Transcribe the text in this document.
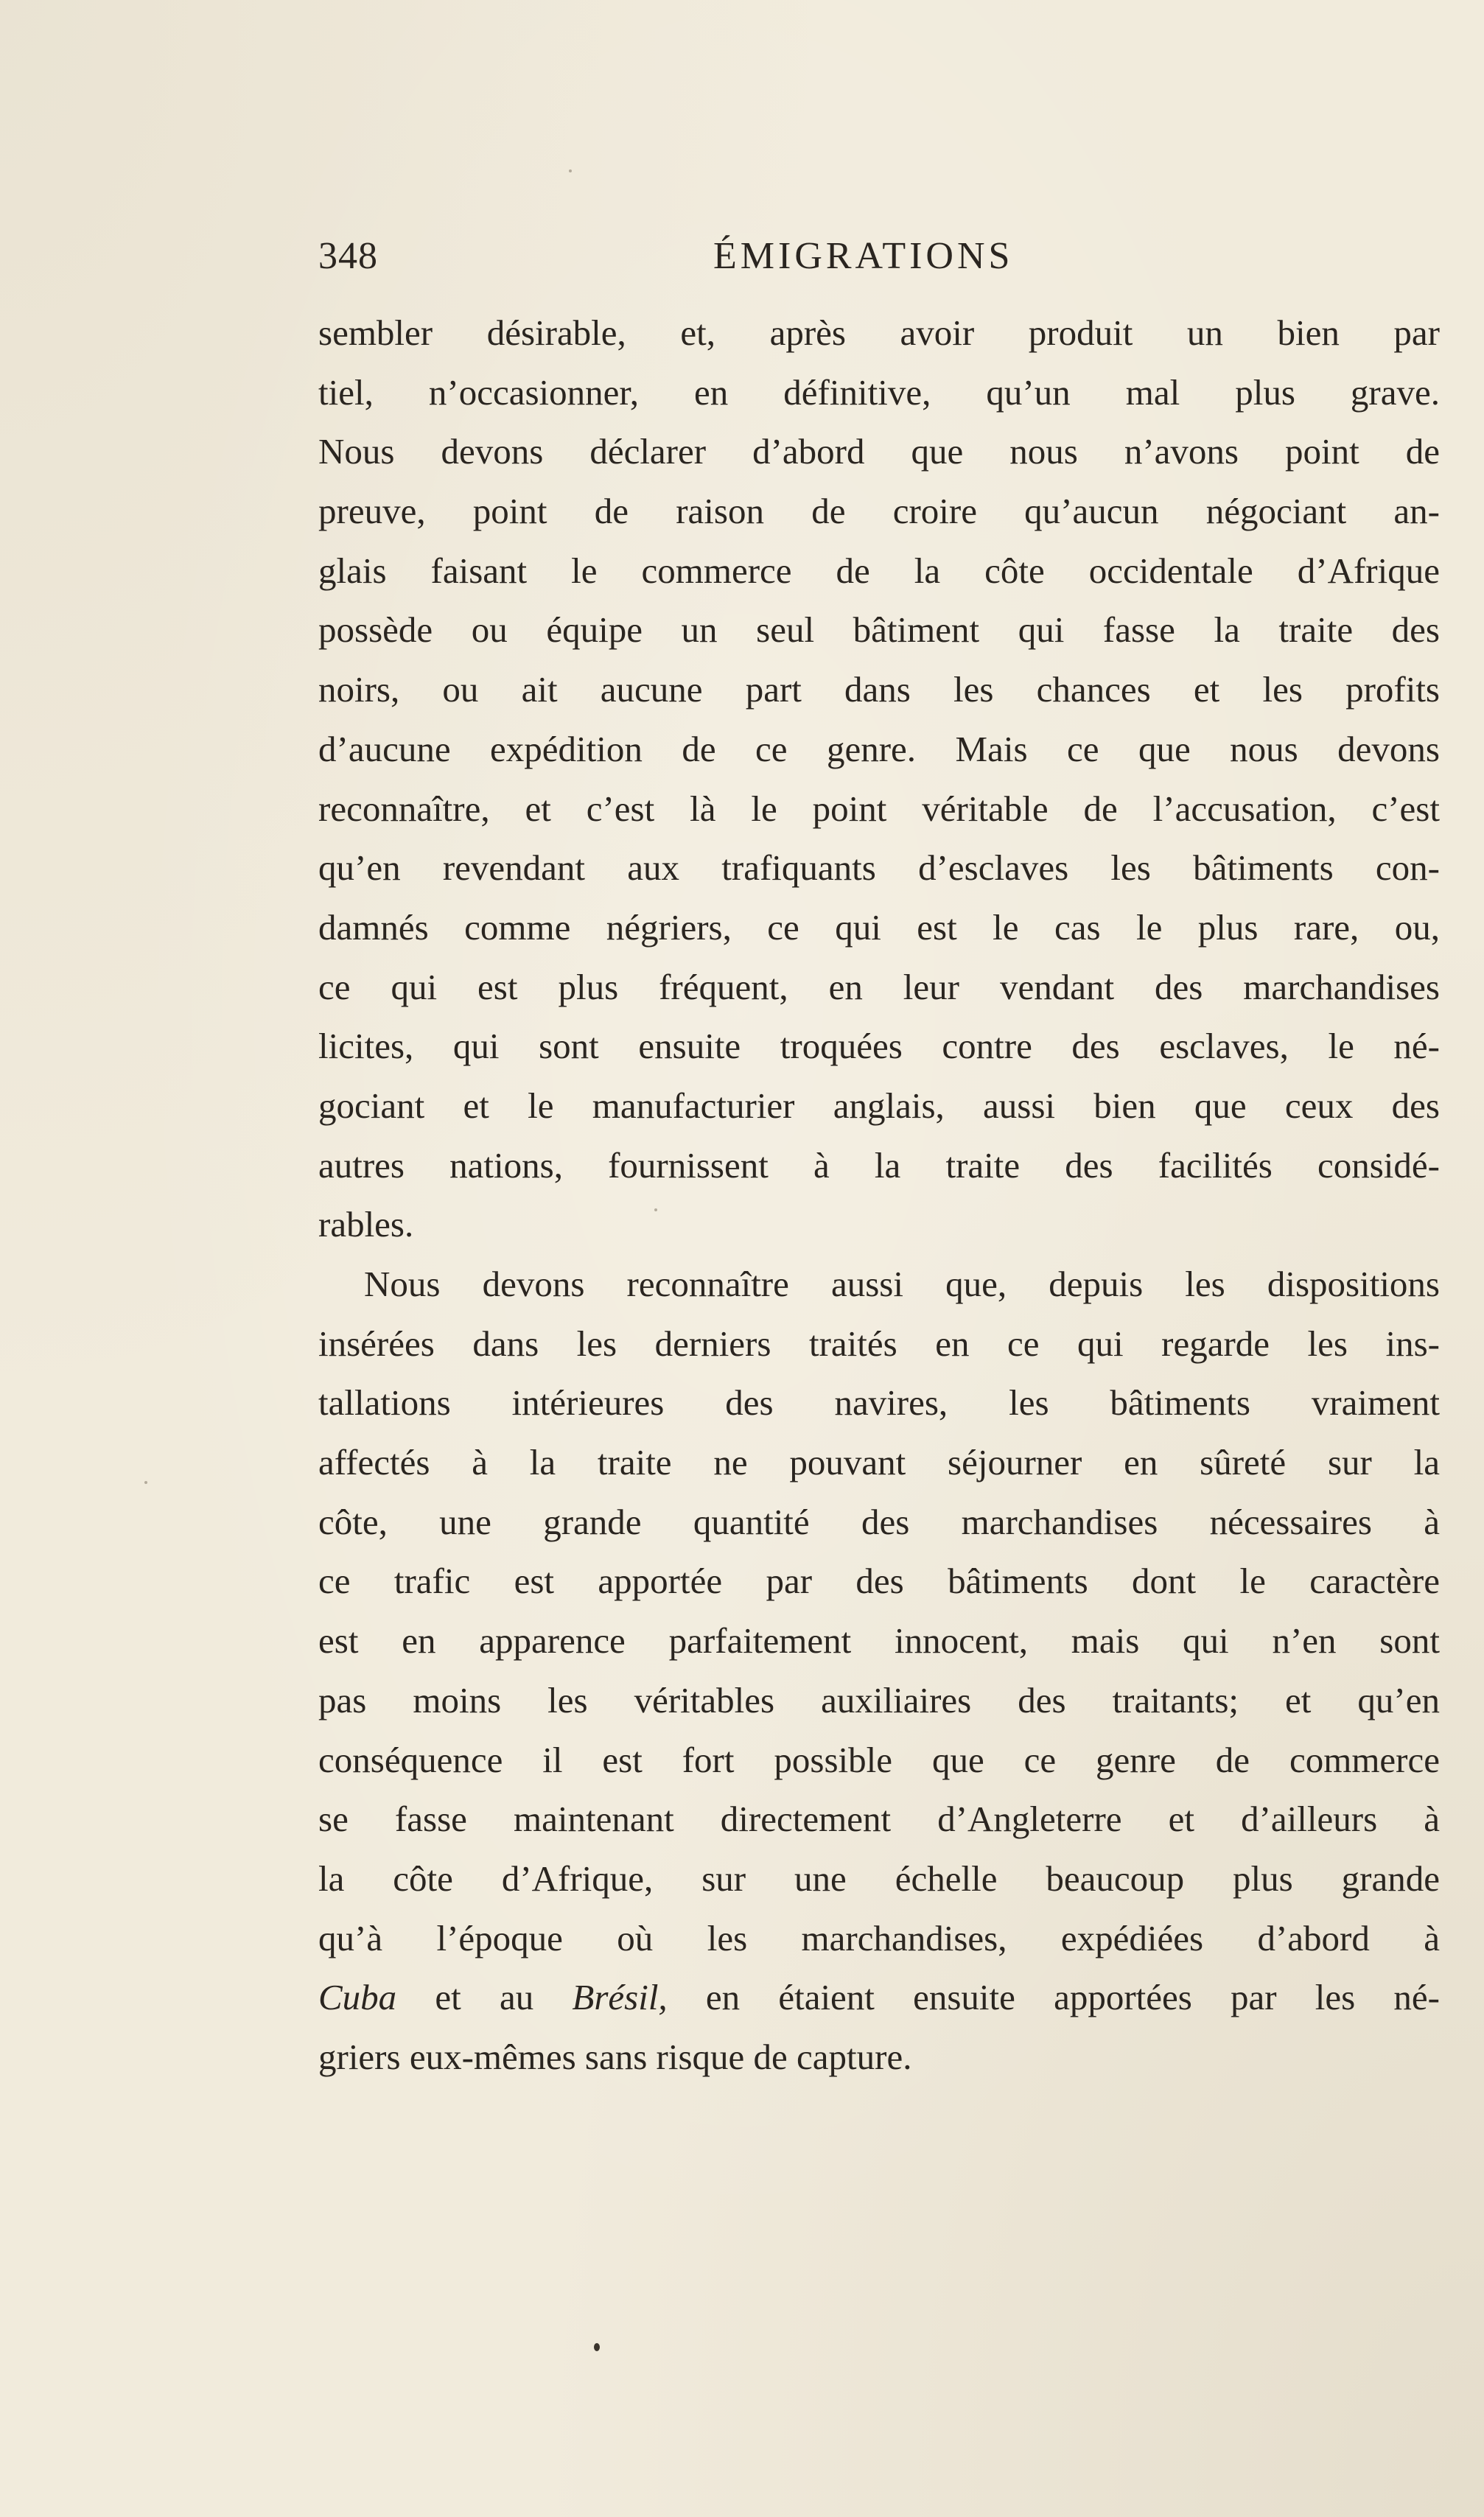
348	ÉMIGRATIONS
sembler désirable, et, après avoir produit un bien par
tiel, n’occasionner, en définitive, qu’un mal plus grave.
Nous devons déclarer d’abord que nous n’avons point de
preuve, point de raison de croire qu’aucun négociant an-
glais faisant le commerce de la côte occidentale d’Afrique
possède ou équipe un seul bâtiment qui fasse la traite des
noirs, ou ait aucune part dans les chances et les profits
d’aucune expédition de ce genre. Mais ce que nous devons
reconnaître, et c’est là le point véritable de l’accusation, c’est
qu’en revendant aux trafiquants d’esclaves les bâtiments con-
damnés comme négriers, ce qui est le cas le plus rare, ou,
ce qui est plus fréquent, en leur vendant des marchandises
licites, qui sont ensuite troquées contre des esclaves, le né-
gociant et le manufacturier anglais, aussi bien que ceux des
autres nations, fournissent à la traite des facilités considé-
rables.
Nous devons reconnaître aussi que, depuis les dispositions
insérées dans les derniers traités en ce qui regarde les ins-
tallations intérieures des navires, les bâtiments vraiment
affectés à la traite ne pouvant séjourner en sûreté sur la
côte, une grande quantité des marchandises nécessaires à
ce trafic est apportée par des bâtiments dont le caractère
est en apparence parfaitement innocent, mais qui n’en sont
pas moins les véritables auxiliaires des traitants; et qu’en
conséquence il est fort possible que ce genre de commerce
se fasse maintenant directement d’Angleterre et d’ailleurs à
la côte d’Afrique, sur une échelle beaucoup plus grande
qu’à l’époque où les marchandises, expédiées d’abord à
Cuba et au Brésil, en étaient ensuite apportées par les né-
griers eux-mêmes sans risque de capture.
